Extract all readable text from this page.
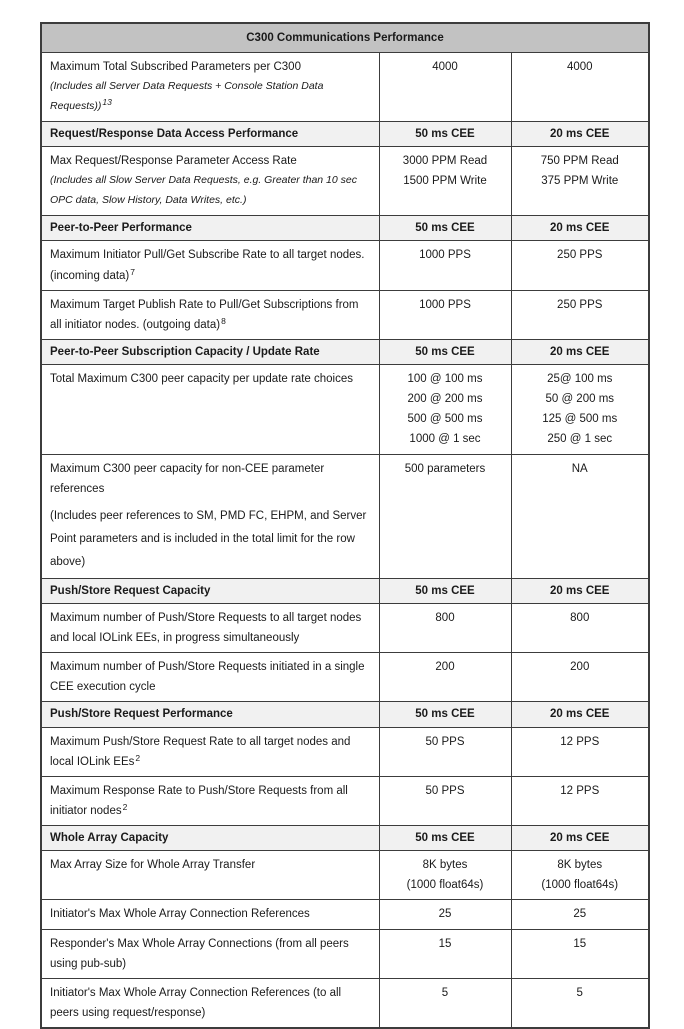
C300 Communications Performance		
Maximum Total Subscribed Parameters per C300
(Includes all Server Data Requests + Console Station Data Requests))$^{13}$	4000	4000

Request/Response Data Access Performance	50 ms CEE	20 ms CEE

Max Request/Response Parameter Access Rate
(Includes all Slow Server Data Requests, e.g. Greater than 10 sec OPC data, Slow History, Data Writes, etc.)

3000 PPM Read
1500 PPM Write

750 PPM Read
375 PPM Write

Peer-to-Peer Performance	50 ms CEE	20 ms CEE

Maximum Initiator Pull/Get Subscribe Rate to all target nodes. (incoming data)$^7$	1000 PPS	250 PPS

Maximum Target Publish Rate to Pull/Get Subscriptions from all initiator nodes. (outgoing data)$^8$	1000 PPS	250 PPS

Peer-to-Peer Subscription Capacity / Update Rate	50 ms CEE	20 ms CEE

Total Maximum C300 peer capacity per update rate choices	100 @ 100 ms
200 @ 200 ms
500 @ 500 ms
1000 @ 1 sec

25@ 100 ms
50 @ 200 ms
125 @ 500 ms
250 @ 1 sec

Maximum C300 peer capacity for non-CEE parameter references
(Includes peer references to SM, PMD FC, EHPM, and Server Point parameters and is included in the total limit for the row above)	500 parameters	NA

Push/Store Request Capacity	50 ms CEE	20 ms CEE

Maximum number of Push/Store Requests to all target nodes and local IOLink EEs, in progress simultaneously	800	800

Maximum number of Push/Store Requests initiated in a single CEE execution cycle	200	200

Push/Store Request Performance	50 ms CEE	20 ms CEE

Maximum Push/Store Request Rate to all target nodes and local IOLink EEs$^2$	50 PPS	12 PPS

Maximum Response Rate to Push/Store Requests from all initiator nodes$^2$	50 PPS	12 PPS

Whole Array Capacity	50 ms CEE	20 ms CEE

Max Array Size for Whole Array Transfer	8K bytes
(1000 float64s)

8K bytes
(1000 float64s)

Initiator's Max Whole Array Connection References	25	25

Responder's Max Whole Array Connections (from all peers using pub-sub)	15	15

Initiator's Max Whole Array Connection References (to all peers using request/response)	5	5
